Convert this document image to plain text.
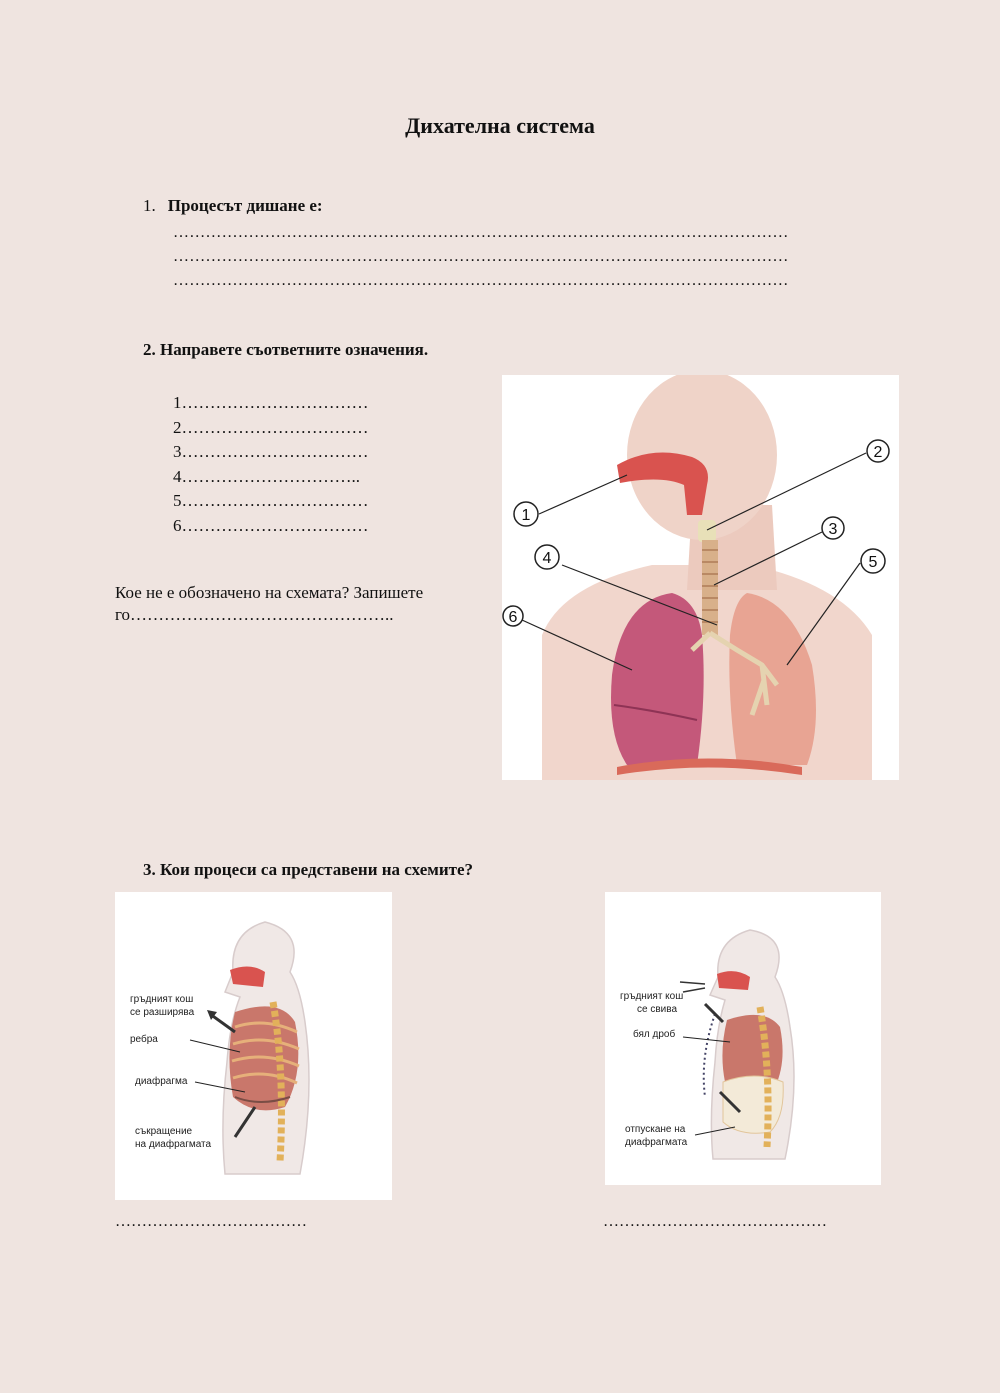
Дихателна система
1. Процесът дишане е:
……………………………………………………………………………………………………
……………………………………………………………………………………………………
……………………………………………………………………………………………………
2. Направете съответните означения.
1……………………………
2……………………………
3……………………………
4…………………………..
5……………………………
6……………………………
Кое не е обозначено на схемата? Запишете го………………………………………..
1
2
3
4	5
6
3. Кои процеси са представени на схемите?
гръдният кош
се разширява
ребра
диафрагма
съкращение
на диафрагмата
гръдният кош
се свива
бял дроб
отпускане на
диафрагмата
………………………………	……………………………………
